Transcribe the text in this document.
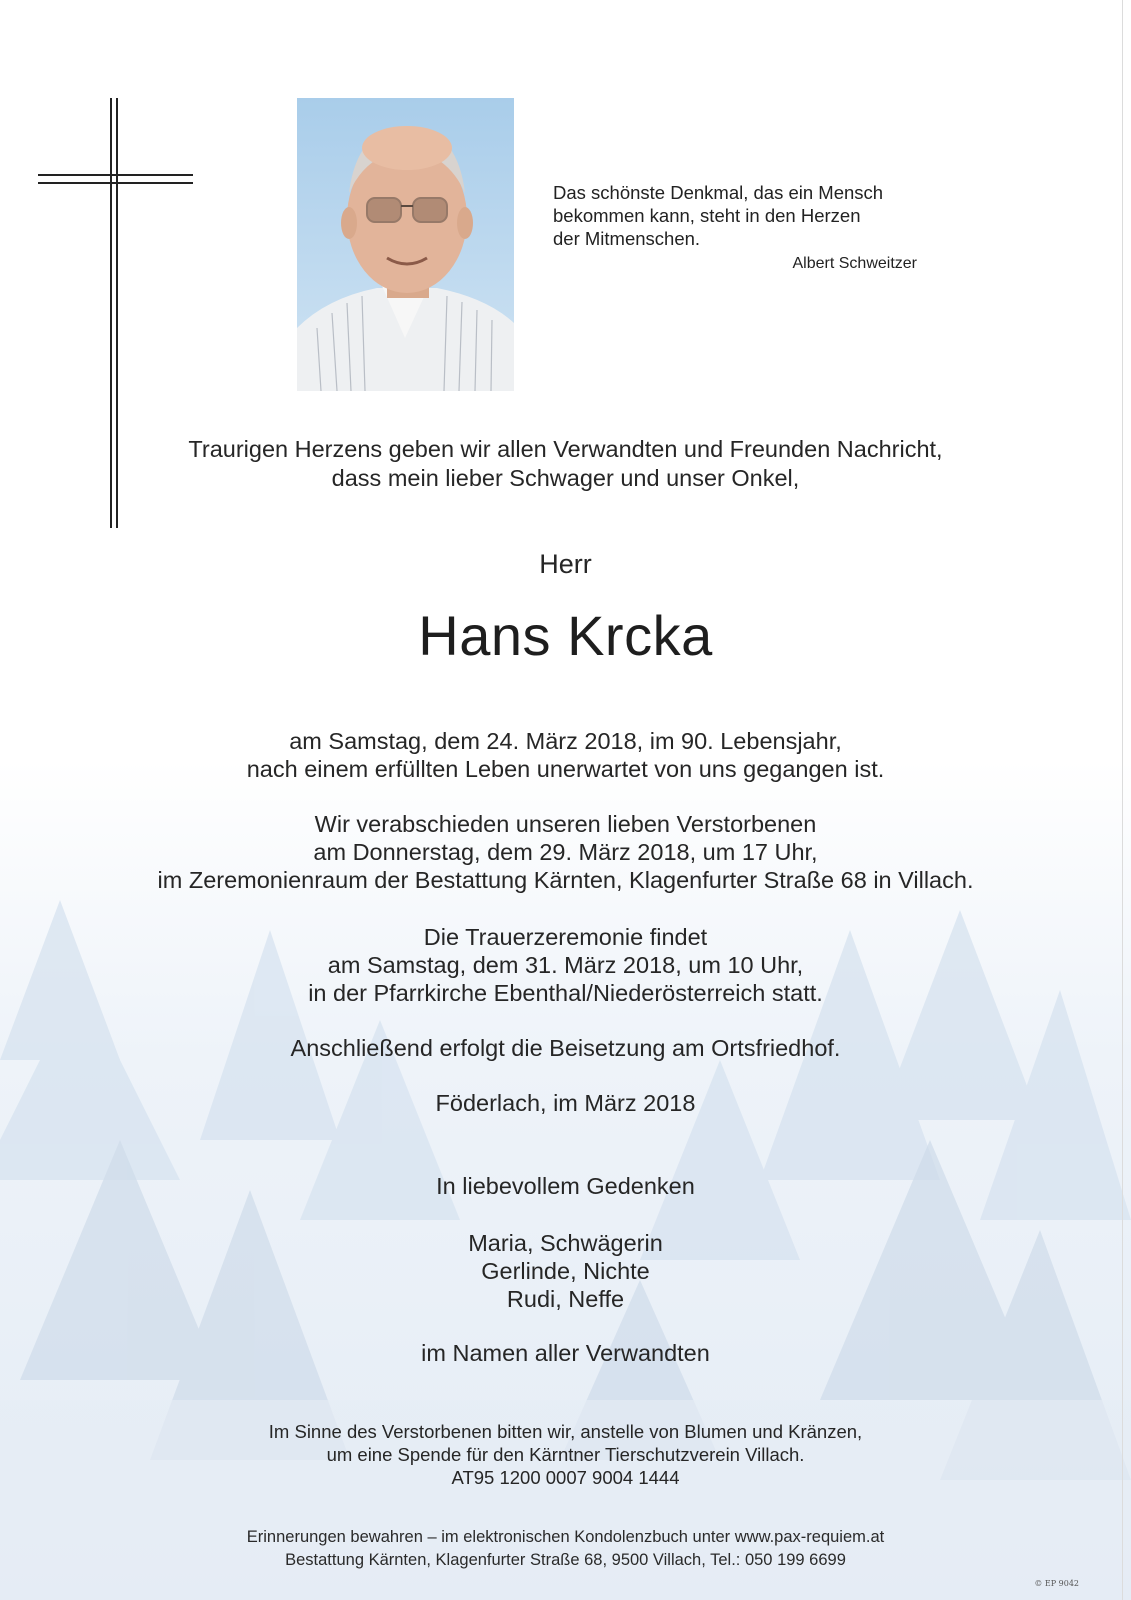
Das schönste Denkmal, das ein Mensch
bekommen kann, steht in den Herzen
der Mitmenschen.
Albert Schweitzer
Traurigen Herzens geben wir allen Verwandten und Freunden Nachricht,
dass mein lieber Schwager und unser Onkel,
Herr
Hans Krcka
am Samstag, dem 24. März 2018, im 90. Lebensjahr,
nach einem erfüllten Leben unerwartet von uns gegangen ist.
Wir verabschieden unseren lieben Verstorbenen
am Donnerstag, dem 29. März 2018, um 17 Uhr,
im Zeremonienraum der Bestattung Kärnten, Klagenfurter Straße 68 in Villach.
Die Trauerzeremonie findet
am Samstag, dem 31. März 2018, um 10 Uhr,
in der Pfarrkirche Ebenthal/Niederösterreich statt.
Anschließend erfolgt die Beisetzung am Ortsfriedhof.
Föderlach, im März 2018
In liebevollem Gedenken
Maria, Schwägerin
Gerlinde, Nichte
Rudi, Neffe
im Namen aller Verwandten
Im Sinne des Verstorbenen bitten wir, anstelle von Blumen und Kränzen,
um eine Spende für den Kärntner Tierschutzverein Villach.
AT95 1200 0007 9004 1444
Erinnerungen bewahren – im elektronischen Kondolenzbuch unter www.pax-requiem.at
Bestattung Kärnten, Klagenfurter Straße 68, 9500 Villach, Tel.: 050 199 6699
© EP 9042
